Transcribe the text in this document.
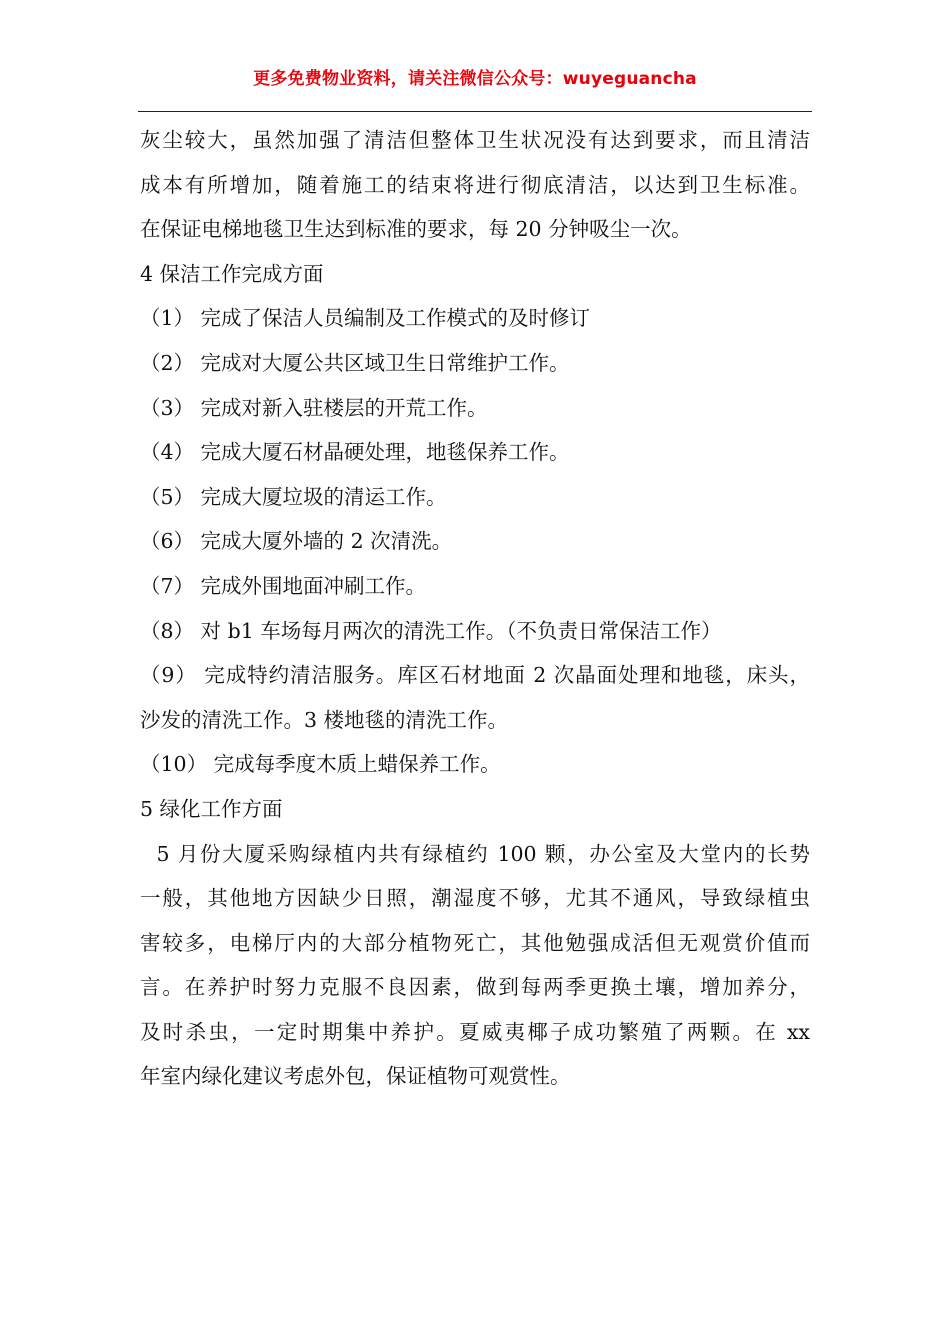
更多免费物业资料，请关注微信公众号：wuyeguancha
灰尘较大，虽然加强了清洁但整体卫生状况没有达到要求，而且清洁
成本有所增加，随着施工的结束将进行彻底清洁，以达到卫生标准。
在保证电梯地毯卫生达到标准的要求，每 20 分钟吸尘一次。
4 保洁工作完成方面
（1） 完成了保洁人员编制及工作模式的及时修订
（2） 完成对大厦公共区域卫生日常维护工作。
（3） 完成对新入驻楼层的开荒工作。
（4） 完成大厦石材晶硬处理，地毯保养工作。
（5） 完成大厦垃圾的清运工作。
（6） 完成大厦外墙的 2 次清洗。
（7） 完成外围地面冲刷工作。
（8） 对 b1 车场每月两次的清洗工作。（不负责日常保洁工作）
（9） 完成特约清洁服务。库区石材地面 2 次晶面处理和地毯，床头，
沙发的清洗工作。3 楼地毯的清洗工作。
（10） 完成每季度木质上蜡保养工作。
5 绿化工作方面
5 月份大厦采购绿植内共有绿植约 100 颗，办公室及大堂内的长势
一般，其他地方因缺少日照，潮湿度不够，尤其不通风，导致绿植虫
害较多，电梯厅内的大部分植物死亡，其他勉强成活但无观赏价值而
言。在养护时努力克服不良因素，做到每两季更换土壤，增加养分，
及时杀虫，一定时期集中养护。夏威夷椰子成功繁殖了两颗。在 xx
年室内绿化建议考虑外包，保证植物可观赏性。
